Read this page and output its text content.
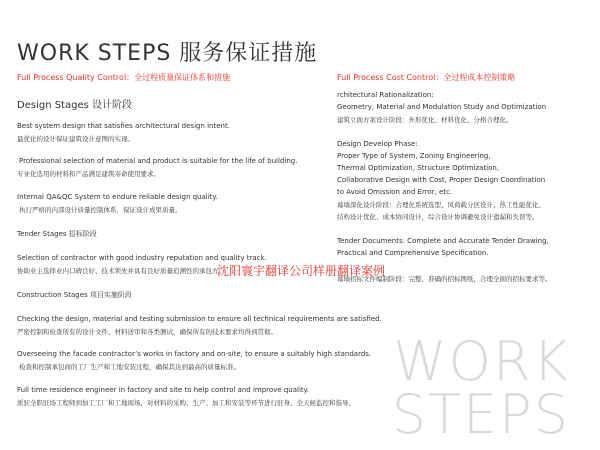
WORK STEPS 服务保证措施
Full Process Quality Control：全过程质量保证体系和措施
Design Stages 设计阶段
Best system design that satisfies architectural design intent.
最优化的设计保证建筑设计意图的实现。
Professional selection of material and product is suitable for the life of building.
专业化选用的材料和产品满足建筑寿命使用要求。
Internal QA&QC System to endure reliable design quality.
执行严格的内部设计质量控制体系，保证设计成果质量。
Tender Stages 招标阶段
Selection of contractor with good industry reputation and quality track.
协助业主选择业内口碑良好、技术领先并具有良好质量追溯性的承包方。
Construction Stages 项目实施阶段
Checking the design, material and testing submission to ensure all technical requirements are satisfied.
严密控制和检查所有的设计文件、材料送审和各类测试，确保所有的技术要求均得到贯彻。
Overseeing the facade contractor’s works in factory and on-site, to ensure a suitably high standards.
检查和控制承包商的工厂生产和工地安装过程，确保其达到最高的质量标准。
Full time residence engineer in factory and site to help control and improve quality.
派驻全职驻场工程师到加工工厂和工地现场，对材料的采购、生产、加工和安装等环节进行驻身、全天候监控和指导。
Full Process Cost Control：全过程成本控制策略
rchitectural Rationalization:
Geometry, Material and Modulation Study and Optimization
建筑立面方案设计阶段：外形优化、材料优化、分格合理化。
Design Develop Phase:
Proper Type of System, Zoning Engineering,
Thermal Optimization, Structure Optimization,
Collaborative Design with Cost, Proper Design Coordination
to Avoid Omission and Error, etc.
幕墙深化设计阶段：合理化系统选型、风荷载分区设计、热工性能优化、
结构设计优化、成本协同设计，综合设计协调避免设计遗漏和失误等。
Tender Documents: Complete and Accurate Tender Drawing,
Practical and Comprehensive Specification.
幕墙招标文件编制阶段：完整、准确的招标图纸，合理全面的招标要求等。
沈阳寰宇翻译公司样册翻译案例
WORK
STEPS
